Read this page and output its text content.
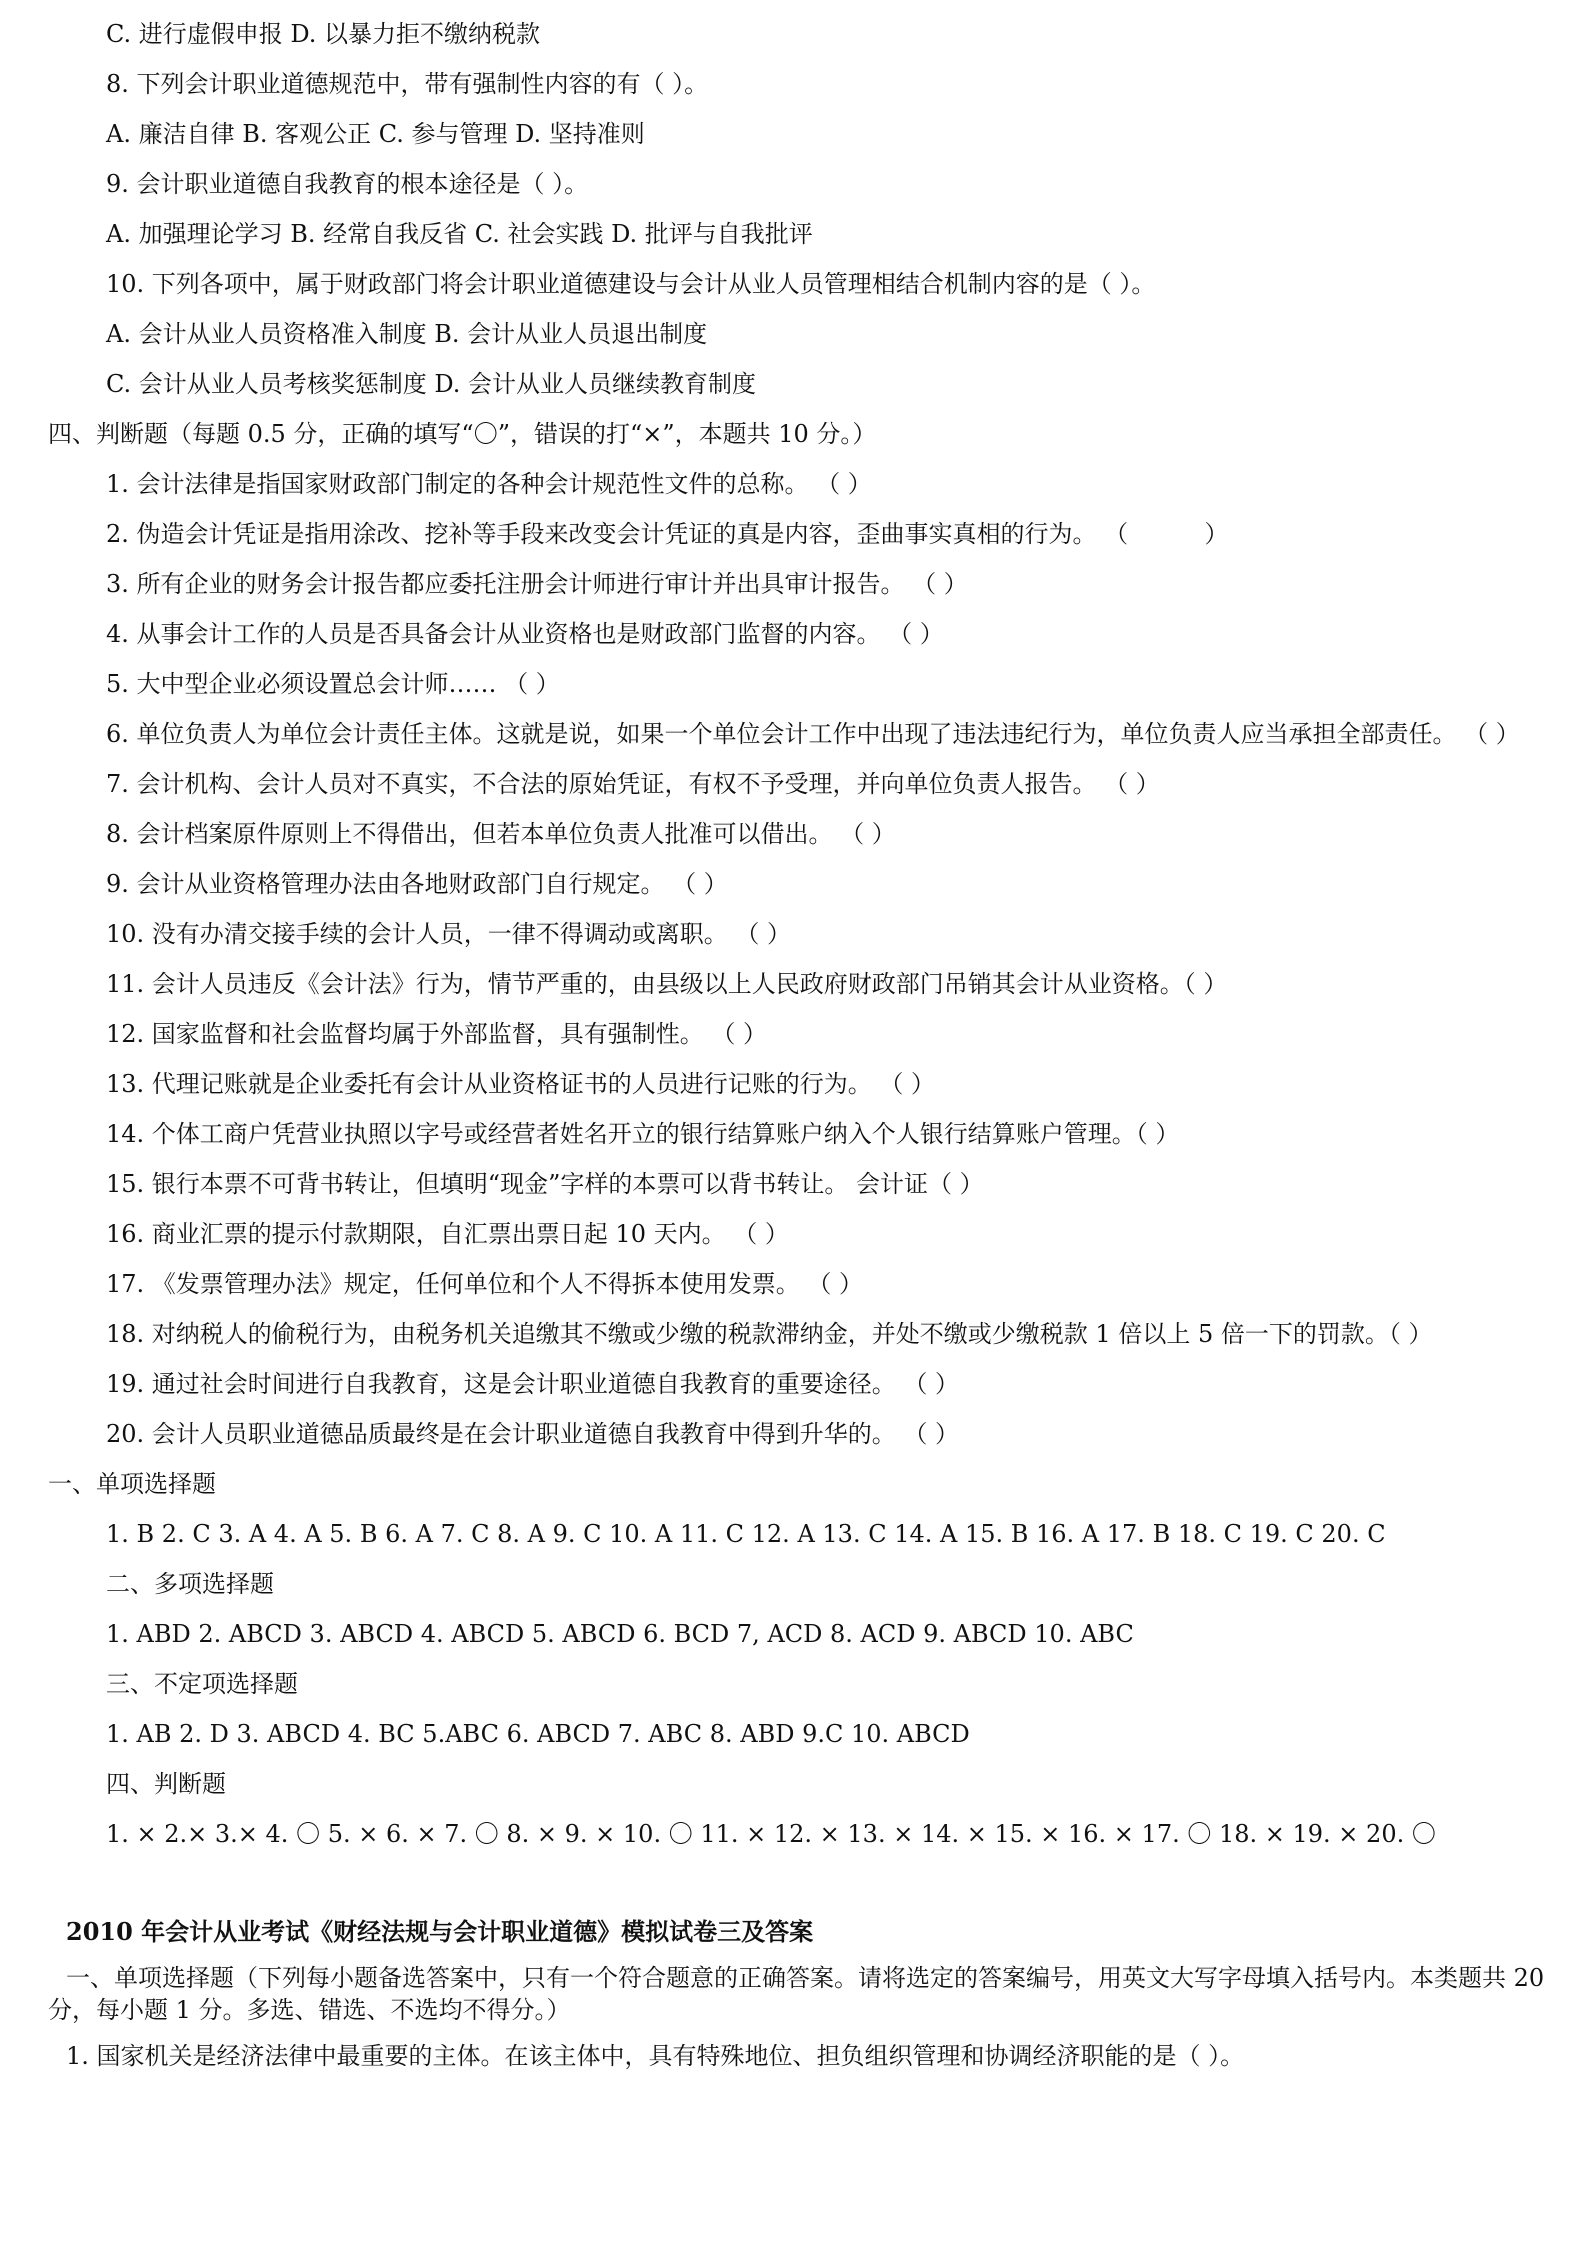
C. 进行虚假申报 D. 以暴力拒不缴纳税款
8. 下列会计职业道德规范中，带有强制性内容的有（ ）。
A. 廉洁自律 B. 客观公正 C. 参与管理 D. 坚持准则
9. 会计职业道德自我教育的根本途径是（ ）。
A. 加强理论学习 B. 经常自我反省 C. 社会实践 D. 批评与自我批评
10. 下列各项中，属于财政部门将会计职业道德建设与会计从业人员管理相结合机制内容的是（ ）。
A. 会计从业人员资格准入制度 B. 会计从业人员退出制度
C. 会计从业人员考核奖惩制度 D. 会计从业人员继续教育制度
四、判断题（每题 0.5 分，正确的填写“〇”，错误的打“×”，本题共 10 分。）
1. 会计法律是指国家财政部门制定的各种会计规范性文件的总称。 （ ）
2. 伪造会计凭证是指用涂改、挖补等手段来改变会计凭证的真是内容，歪曲事实真相的行为。 （          ）
3. 所有企业的财务会计报告都应委托注册会计师进行审计并出具审计报告。 （ ）
4. 从事会计工作的人员是否具备会计从业资格也是财政部门监督的内容。 （ ）
5. 大中型企业必须设置总会计师…… （ ）
6. 单位负责人为单位会计责任主体。这就是说，如果一个单位会计工作中出现了违法违纪行为，单位负责人应当承担全部责任。 （ ）
7. 会计机构、会计人员对不真实，不合法的原始凭证，有权不予受理，并向单位负责人报告。 （ ）
8. 会计档案原件原则上不得借出，但若本单位负责人批准可以借出。 （ ）
9. 会计从业资格管理办法由各地财政部门自行规定。 （ ）
10. 没有办清交接手续的会计人员，一律不得调动或离职。 （ ）
11. 会计人员违反《会计法》行为，情节严重的，由县级以上人民政府财政部门吊销其会计从业资格。（ ）
12. 国家监督和社会监督均属于外部监督，具有强制性。 （ ）
13. 代理记账就是企业委托有会计从业资格证书的人员进行记账的行为。 （ ）
14. 个体工商户凭营业执照以字号或经营者姓名开立的银行结算账户纳入个人银行结算账户管理。（ ）
15. 银行本票不可背书转让，但填明“现金”字样的本票可以背书转让。 会计证（ ）
16. 商业汇票的提示付款期限，自汇票出票日起 10 天内。 （ ）
17. 《发票管理办法》规定，任何单位和个人不得拆本使用发票。 （ ）
18. 对纳税人的偷税行为，由税务机关追缴其不缴或少缴的税款滞纳金，并处不缴或少缴税款 1 倍以上 5 倍一下的罚款。（ ）
19. 通过社会时间进行自我教育，这是会计职业道德自我教育的重要途径。 （ ）
20. 会计人员职业道德品质最终是在会计职业道德自我教育中得到升华的。 （ ）
一、单项选择题
1. B 2. C 3. A 4. A 5. B 6. A 7. C 8. A 9. C 10. A 11. C 12. A 13. C 14. A 15. B 16. A 17. B 18. C 19. C 20. C
二、多项选择题
1. ABD 2. ABCD 3. ABCD 4. ABCD 5. ABCD 6. BCD 7, ACD 8. ACD 9. ABCD 10. ABC
三、不定项选择题
1. AB 2. D 3. ABCD 4. BC 5.ABC 6. ABCD 7. ABC 8. ABD 9.C 10. ABCD
四、判断题
1. × 2.× 3.× 4. 〇 5. × 6. × 7. 〇 8. × 9. × 10. 〇 11. × 12. × 13. × 14. × 15. × 16. × 17. 〇 18. × 19. × 20. 〇
2010 年会计从业考试《财经法规与会计职业道德》模拟试卷三及答案
一、单项选择题（下列每小题备选答案中，只有一个符合题意的正确答案。请将选定的答案编号，用英文大写字母填入括号内。本类题共 20 分，每小题 1 分。多选、错选、不选均不得分。）
1. 国家机关是经济法律中最重要的主体。在该主体中，具有特殊地位、担负组织管理和协调经济职能的是（ ）。
